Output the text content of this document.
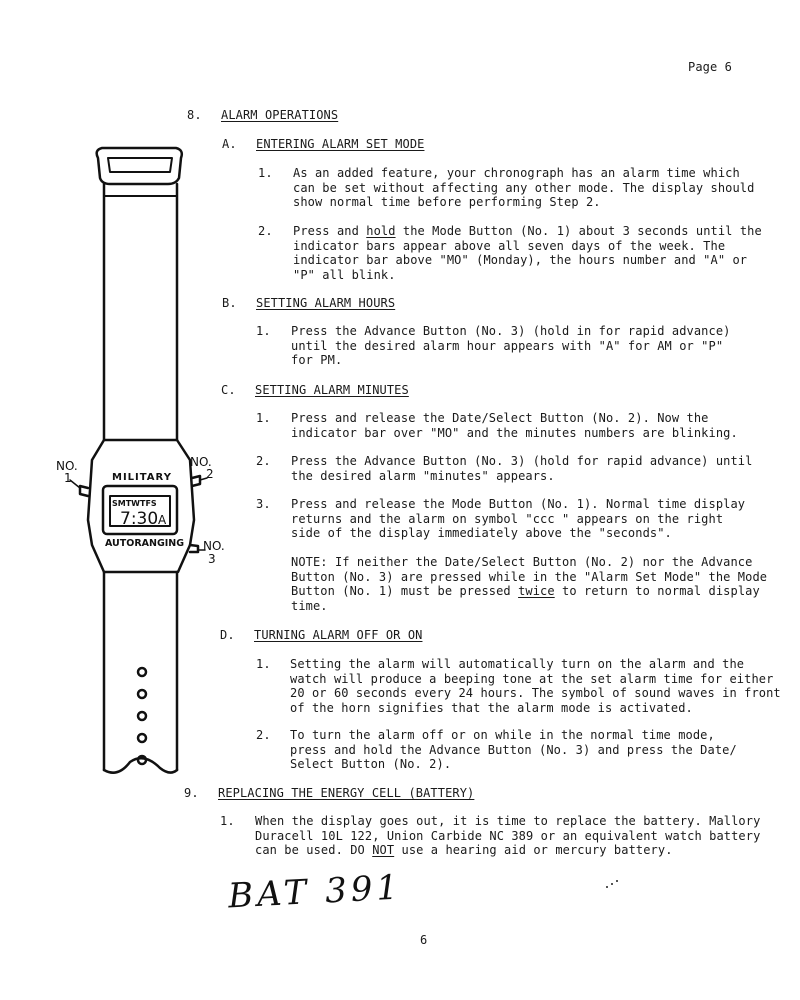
Page 6
8. ALARM OPERATIONS
A. ENTERING ALARM SET MODE
1. As an added feature, your chronograph has an alarm time which
can be set without affecting any other mode. The display should
show normal time before performing Step 2.
2. Press and hold the Mode Button (No. 1) about 3 seconds until the
indicator bars appear above all seven days of the week. The
indicator bar above "MO" (Monday), the hours number and "A" or
"P" all blink.
B. SETTING ALARM HOURS
1. Press the Advance Button (No. 3) (hold in for rapid advance)
until the desired alarm hour appears with "A" for AM or "P"
for PM.
C. SETTING ALARM MINUTES
1. Press and release the Date/Select Button (No. 2). Now the
indicator bar over "MO" and the minutes numbers are blinking.
2. Press the Advance Button (No. 3) (hold for rapid advance) until
the desired alarm "minutes" appears.
3. Press and release the Mode Button (No. 1). Normal time display
returns and the alarm on symbol "ccc " appears on the right
side of the display immediately above the "seconds".
NOTE: If neither the Date/Select Button (No. 2) nor the Advance
Button (No. 3) are pressed while in the "Alarm Set Mode" the Mode
Button (No. 1) must be pressed twice to return to normal display
time.
D. TURNING ALARM OFF OR ON
1. Setting the alarm will automatically turn on the alarm and the
watch will produce a beeping tone at the set alarm time for either
20 or 60 seconds every 24 hours. The symbol of sound waves in front
of the horn signifies that the alarm mode is activated.
2. To turn the alarm off or on while in the normal time mode,
press and hold the Advance Button (No. 3) and press the Date/
Select Button (No. 2).
9. REPLACING THE ENERGY CELL (BATTERY)
1. When the display goes out, it is time to replace the battery. Mallory
Duracell 10L 122, Union Carbide NC 389 or an equivalent watch battery
can be used. DO NOT use a hearing aid or mercury battery.
BAT 391
6
MILITARY
AUTORANGING
SMTWTFS
7:30 A
NO.
1
NO.
2
NO.
3
